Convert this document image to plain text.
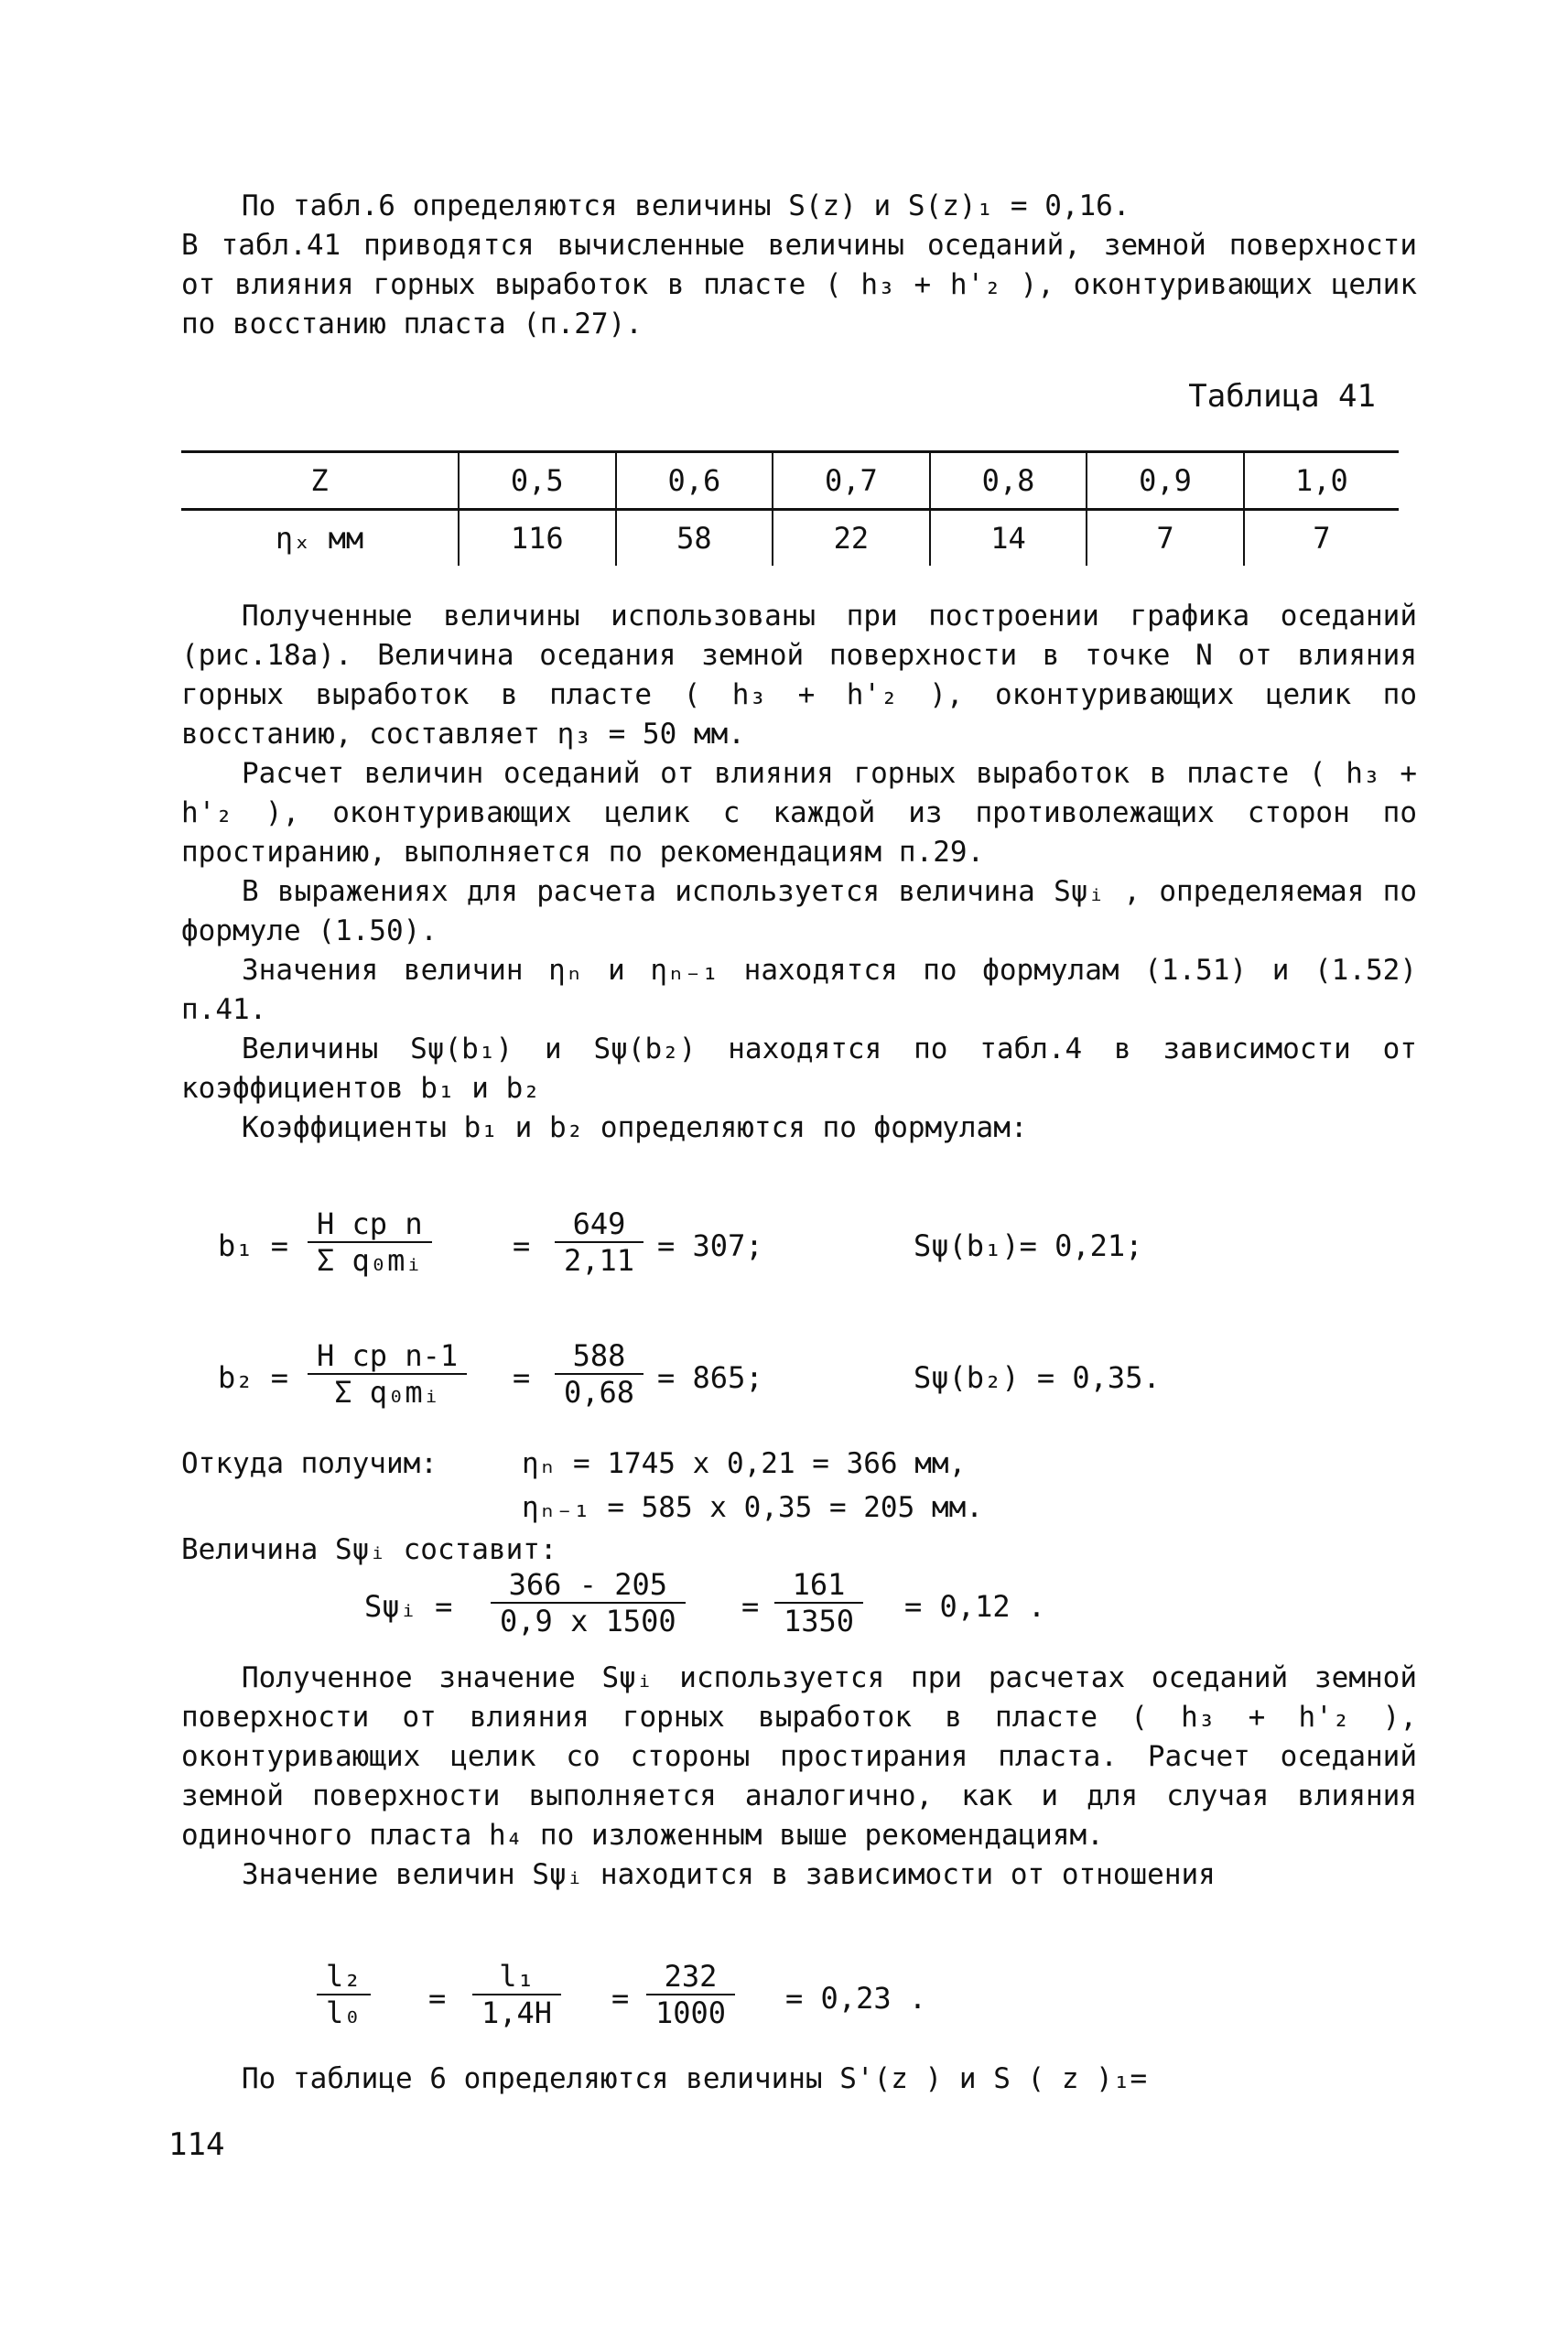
По табл.6 определяются величины S(z) и S(z)₁ = 0,16.

В табл.41 приводятся вычисленные величины оседаний, земной поверхности от влияния горных выработок в пласте ( h₃ + h'₂ ), оконтуривающих целик по восстанию пласта (п.27).

Таблица 41
Z	0,5	0,6	0,7	0,8	0,9	1,0
ηₓ мм	116	58	22	14	7	7

Полученные величины использованы при построении графика оседаний (рис.18а). Величина оседания земной поверхности в точке N от влияния горных выработок в пласте ( h₃ + h'₂ ), оконтуривающих целик по восстанию, составляет η₃ = 50 мм.

Расчет величин оседаний от влияния горных выработок в пласте ( h₃ + h'₂ ), оконтуривающих целик с каждой из противолежащих сторон по простиранию, выполняется по рекомендациям п.29.

В выражениях для расчета используется величина Sψᵢ , определяемая по формуле (1.50).

Значения величин ηₙ и ηₙ₋₁ находятся по формулам (1.51) и (1.52) п.41.

Величины Sψ(b₁) и Sψ(b₂) находятся по табл.4 в зависимости от коэффициентов b₁ и b₂

Коэффициенты b₁ и b₂ определяются по формулам:

$b_1 = \frac{\text{H cp n}}{\text{Σ q₀mᵢ}}$	= $\frac{649}{2,11} = 307$;	Sψ(b₁)= 0,21;
$b_2 = \frac{\text{H cp n-1}}{\text{Σ q₀mᵢ}} = \frac{588}{0,68} = 865$;	Sψ(b₂) = 0,35.
Откуда получим:	ηₙ = 1745 x 0,21 = 366 мм,
ηₙ₋₁ = 585 x 0,35 = 205 мм.
Величина Sψᵢ составит:
Sψᵢ = $\frac{366 - 205}{0,9 x 1500} = \frac{161}{1350} = 0,12$ .

Полученное значение Sψᵢ используется при расчетах оседаний земной поверхности от влияния горных выработок в пласте ( h₃ + h'₂ ), оконтуривающих целик со стороны простирания пласта. Расчет оседаний земной поверхности выполняется аналогично, как и для случая влияния одиночного пласта h₄ по изложенным выше рекомендациям.

Значение величин Sψᵢ находится в зависимости от отношения

$\frac{\text{l₂}}{\text{l₀}} = \frac{\text{l₁}}{1,4H} = \frac{232}{1000} = 0,23$ .
По таблице 6 определяются величины S'(z ) и S ( z )₁=
114
